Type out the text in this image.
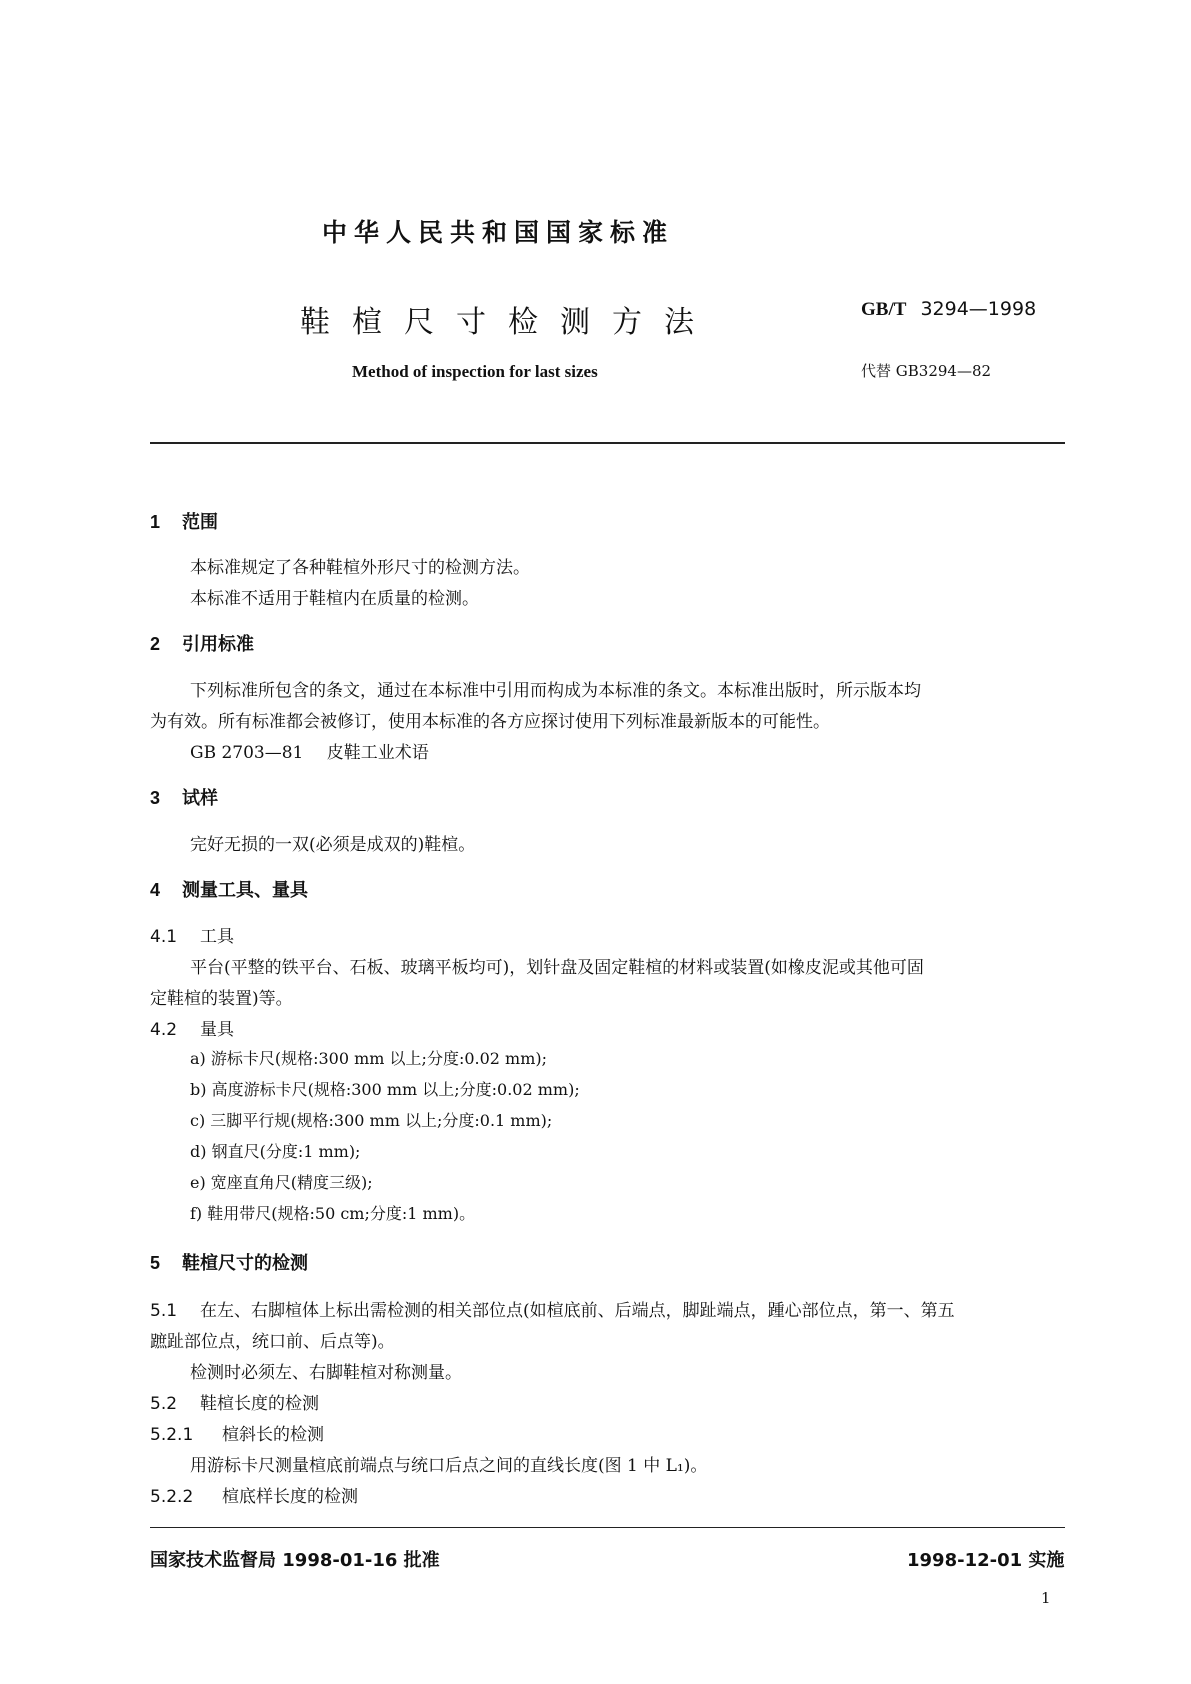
中华人民共和国国家标准
鞋楦尺寸检测方法
Method of inspection for last sizes
GB/T 3294—1998
代替 GB3294—82
1 范围
本标准规定了各种鞋楦外形尺寸的检测方法。
本标准不适用于鞋楦内在质量的检测。
2 引用标准
下列标准所包含的条文，通过在本标准中引用而构成为本标准的条文。本标准出版时，所示版本均
为有效。所有标准都会被修订，使用本标准的各方应探讨使用下列标准最新版本的可能性。
GB 2703—81 皮鞋工业术语
3 试样
完好无损的一双(必须是成双的)鞋楦。
4 测量工具、量具
4.1 工具
平台(平整的铁平台、石板、玻璃平板均可)，划针盘及固定鞋楦的材料或装置(如橡皮泥或其他可固
定鞋楦的装置)等。
4.2 量具
a) 游标卡尺(规格:300 mm 以上;分度:0.02 mm);
b) 高度游标卡尺(规格:300 mm 以上;分度:0.02 mm);
c) 三脚平行规(规格:300 mm 以上;分度:0.1 mm);
d) 钢直尺(分度:1 mm);
e) 宽座直角尺(精度三级);
f) 鞋用带尺(规格:50 cm;分度:1 mm)。
5 鞋楦尺寸的检测
5.1 在左、右脚楦体上标出需检测的相关部位点(如楦底前、后端点，脚趾端点，踵心部位点，第一、第五
蹠趾部位点，统口前、后点等)。
检测时必须左、右脚鞋楦对称测量。
5.2 鞋楦长度的检测
5.2.1 楦斜长的检测
用游标卡尺测量楦底前端点与统口后点之间的直线长度(图 1 中 L₁)。
5.2.2 楦底样长度的检测
国家技术监督局 1998-01-16 批准	1998-12-01 实施
1
